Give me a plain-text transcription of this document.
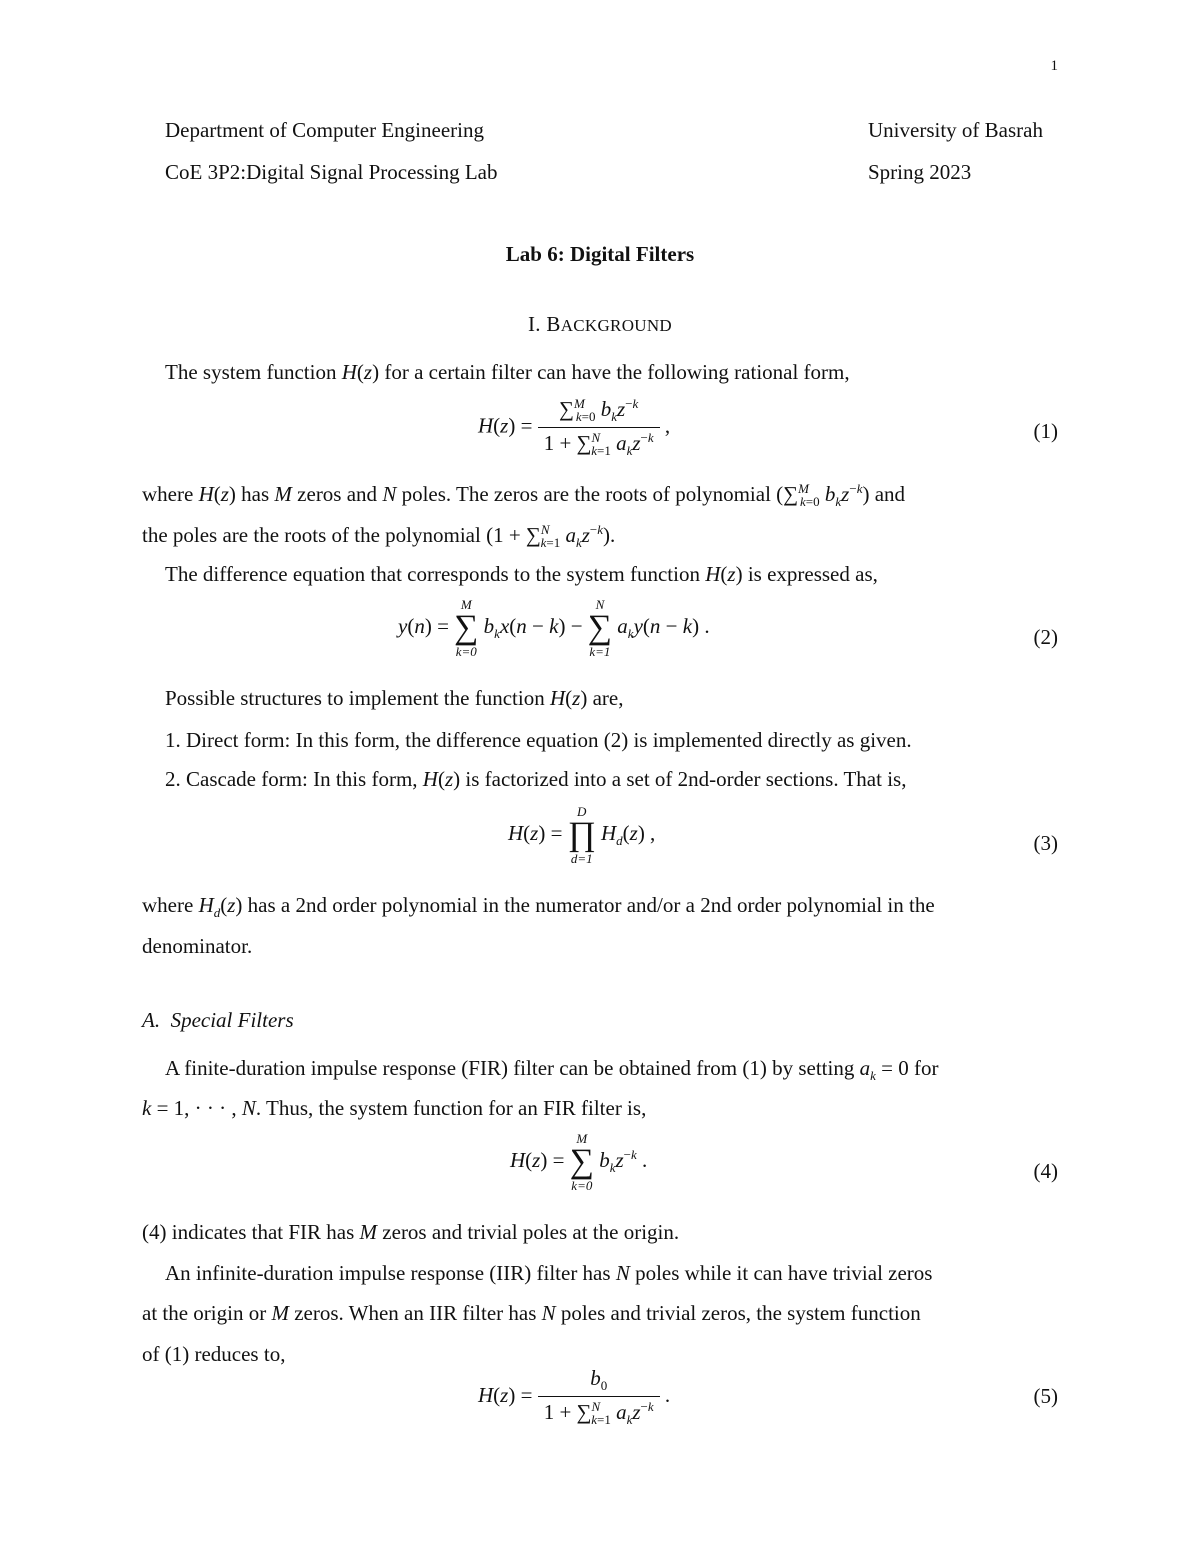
1
Department of Computer Engineering	University of Basrah
CoE 3P2:Digital Signal Processing Lab	Spring 2023
Lab 6: Digital Filters
I. BACKGROUND
The system function H(z) for a certain filter can have the following rational form,
$H(z) = \frac{\sum^M_{k=0} b_kz^{-k}}{1 + \sum^N_{k=1} a_kz^{-k}}$ ,	(1)
where H(z) has M zeros and N poles. The zeros are the roots of polynomial (∑$^M_{k=0}$ $b_kz^{-k}$) and
the poles are the roots of the polynomial (1 + ∑$^N_{k=1}$ $a_kz^{-k}$).
The difference equation that corresponds to the system function H(z) is expressed as,
y(n) =
M
∑
k=0
$b_kx(n - k)$ −
N
∑
k=1
$a_ky(n - k)$ .	(2)
Possible structures to implement the function H(z) are,
1. Direct form: In this form, the difference equation (2) is implemented directly as given.
2. Cascade form: In this form, H(z) is factorized into a set of 2nd-order sections. That is,
H(z) =
D
∏
d=1
$H_d(z)$ ,	(3)
where $H_d(z)$ has a 2nd order polynomial in the numerator and/or a 2nd order polynomial in the
denominator.
A. Special Filters
A finite-duration impulse response (FIR) filter can be obtained from (1) by setting $a_k = 0$ for
k = 1, · · · , N. Thus, the system function for an FIR filter is,
H(z) =
M
∑
k=0
$b_kz^{-k}$ .	(4)
(4) indicates that FIR has M zeros and trivial poles at the origin.
An infinite-duration impulse response (IIR) filter has N poles while it can have trivial zeros
at the origin or M zeros. When an IIR filter has N poles and trivial zeros, the system function
of (1) reduces to,
$H(z) = \frac{b_0}{1 + \sum^N_{k=1} a_kz^{-k}}$ .	(5)
